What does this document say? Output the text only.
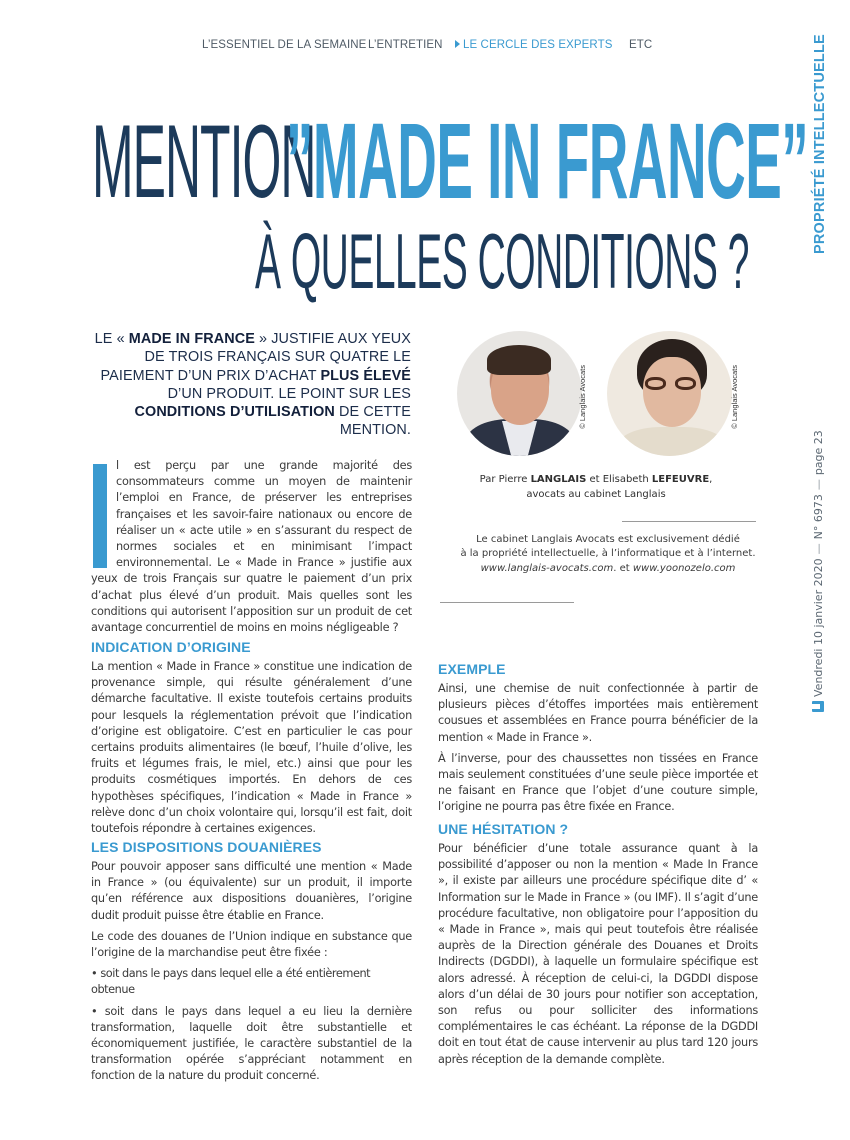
L’ESSENTIEL DE LA SEMAINE L’ENTRETIEN	LE CERCLE DES EXPERTS ETC	PROPRIÉTÉ INTELLECTUELLE
Vendredi 10 janvier 2020—N° 6973—page 23
MENTION
”MADE IN FRANCE”
À QUELLES CONDITIONS ?
LE « MADE IN FRANCE » JUSTIFIE AUX YEUX DE TROIS FRANÇAIS SUR QUATRE LE PAIEMENT D’UN PRIX D’ACHAT PLUS ÉLEVÉ D’UN PRODUIT. LE POINT SUR LES CONDITIONS D’UTILISATION DE CETTE MENTION.
© Langlais Avocats	© Langlais Avocats
Par Pierre LANGLAIS et Elisabeth LEFEUVRE,
avocats au cabinet Langlais
Le cabinet Langlais Avocats est exclusivement dédié
à la propriété intellectuelle, à l’informatique et à l’internet.
www.langlais-avocats.com. et www.yoonozelo.com

l est perçu par une grande majorité des consommateurs comme un moyen de maintenir l’emploi en France, de préserver les entreprises françaises et les savoir-faire nationaux ou encore de réaliser un « acte utile » en s’assurant du respect de normes sociales et en minimisant l’impact environnemental. Le « Made in France » justifie aux yeux de trois Français sur quatre le paiement d’un prix d’achat plus élevé d’un produit. Mais quelles sont les conditions qui autorisent l’apposition sur un produit de cet avantage concurrentiel de moins en moins négligeable ?

INDICATION D’ORIGINE

La mention « Made in France » constitue une indication de provenance simple, qui résulte généralement d’une démarche facultative. Il existe toutefois certains produits pour lesquels la réglementation prévoit que l’indication d’origine est obligatoire. C’est en particulier le cas pour certains produits alimentaires (le bœuf, l’huile d’olive, les fruits et légumes frais, le miel, etc.) ainsi que pour les produits cosmétiques importés. En dehors de ces hypothèses spécifiques, l’indication « Made in France » relève donc d’un choix volontaire qui, lorsqu’il est fait, doit toutefois répondre à certaines exigences.

LES DISPOSITIONS DOUANIÈRES

Pour pouvoir apposer sans difficulté une mention « Made in France » (ou équivalente) sur un produit, il importe qu’en référence aux dispositions douanières, l’origine dudit produit puisse être établie en France.

Le code des douanes de l’Union indique en substance que l’origine de la marchandise peut être fixée :

• soit dans le pays dans lequel elle a été entièrement obtenue

• soit dans le pays dans lequel a eu lieu la dernière transformation, laquelle doit être substantielle et économiquement justifiée, le caractère substantiel de la transformation opérée s’appréciant notamment en fonction de la nature du produit concerné.

EXEMPLE

Ainsi, une chemise de nuit confectionnée à partir de plusieurs pièces d’étoffes importées mais entièrement cousues et assemblées en France pourra bénéficier de la mention « Made in France ».

À l’inverse, pour des chaussettes non tissées en France mais seulement constituées d’une seule pièce importée et ne faisant en France que l’objet d’une couture simple, l’origine ne pourra pas être fixée en France.

UNE HÉSITATION ?

Pour bénéficier d’une totale assurance quant à la possibilité d’apposer ou non la mention « Made In France », il existe par ailleurs une procédure spécifique dite d’ « Information sur le Made in France » (ou IMF). Il s’agit d’une procédure facultative, non obligatoire pour l’apposition du « Made in France », mais qui peut toutefois être réalisée auprès de la Direction générale des Douanes et Droits Indirects (DGDDI), à laquelle un formulaire spécifique est alors adressé. À réception de celui-ci, la DGDDI dispose alors d’un délai de 30 jours pour notifier son acceptation, son refus ou pour solliciter des informations complémentaires le cas échéant. La réponse de la DGDDI doit en tout état de cause intervenir au plus tard 120 jours après réception de la demande complète.
